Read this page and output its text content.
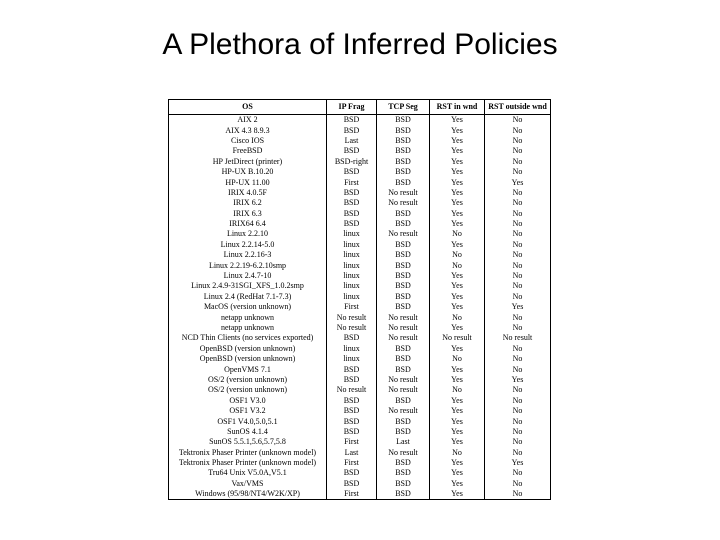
A Plethora of Inferred Policies
OS	IP Frag	TCP Seg	RST in wnd	RST outside wnd
AIX 2	BSD	BSD	Yes	No
AIX 4.3 8.9.3	BSD	BSD	Yes	No
Cisco IOS	Last	BSD	Yes	No
FreeBSD	BSD	BSD	Yes	No
HP JetDirect (printer)	BSD-right	BSD	Yes	No
HP-UX B.10.20	BSD	BSD	Yes	No
HP-UX 11.00	First	BSD	Yes	Yes
IRIX 4.0.5F	BSD	No result	Yes	No
IRIX 6.2	BSD	No result	Yes	No
IRIX 6.3	BSD	BSD	Yes	No
IRIX64 6.4	BSD	BSD	Yes	No
Linux 2.2.10	linux	No result	No	No
Linux 2.2.14-5.0	linux	BSD	Yes	No
Linux 2.2.16-3	linux	BSD	No	No
Linux 2.2.19-6.2.10smp	linux	BSD	No	No
Linux 2.4.7-10	linux	BSD	Yes	No
Linux 2.4.9-31SGI_XFS_1.0.2smp	linux	BSD	Yes	No
Linux 2.4 (RedHat 7.1-7.3)	linux	BSD	Yes	No
MacOS (version unknown)	First	BSD	Yes	Yes
netapp unknown	No result	No result	No	No
netapp unknown	No result	No result	Yes	No
NCD Thin Clients (no services exported)	BSD	No result	No result	No result
OpenBSD (version unknown)	linux	BSD	Yes	No
OpenBSD (version unknown)	linux	BSD	No	No
OpenVMS 7.1	BSD	BSD	Yes	No
OS/2 (version unknown)	BSD	No result	Yes	Yes
OS/2 (version unknown)	No result	No result	No	No
OSF1 V3.0	BSD	BSD	Yes	No
OSF1 V3.2	BSD	No result	Yes	No
OSF1 V4.0,5.0,5.1	BSD	BSD	Yes	No
SunOS 4.1.4	BSD	BSD	Yes	No
SunOS 5.5.1,5.6,5.7,5.8	First	Last	Yes	No
Tektronix Phaser Printer (unknown model)	Last	No result	No	No
Tektronix Phaser Printer (unknown model)	First	BSD	Yes	Yes
Tru64 Unix V5.0A,V5.1	BSD	BSD	Yes	No
Vax/VMS	BSD	BSD	Yes	No
Windows (95/98/NT4/W2K/XP)	First	BSD	Yes	No
